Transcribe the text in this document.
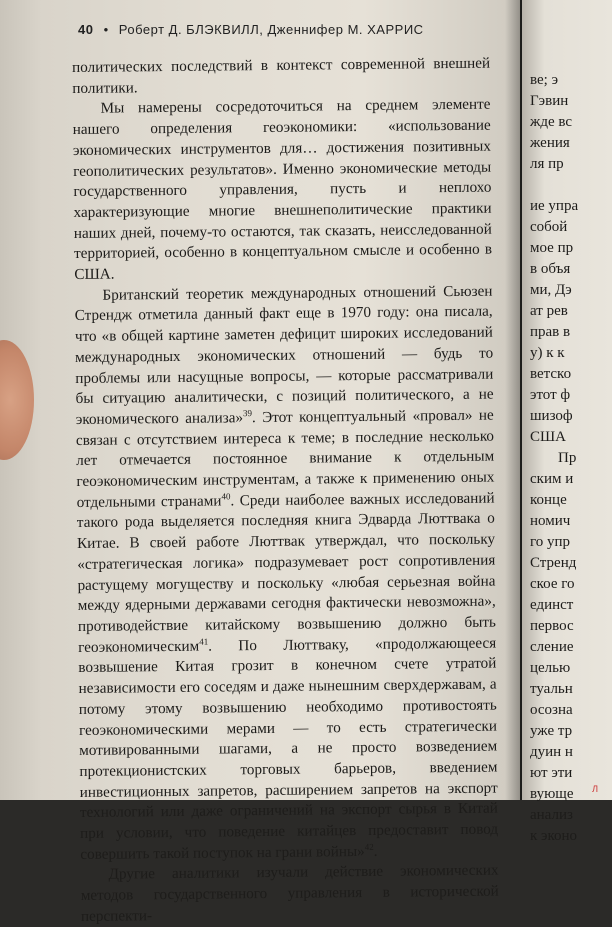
40 • Роберт Д. БЛЭКВИЛЛ, Дженнифер М. ХАРРИС

политических последствий в контекст современной внешней политики.

Мы намерены сосредоточиться на среднем элементе нашего определения геоэкономики: «использование экономических инструментов для… достижения позитивных геополитических результатов». Именно экономические методы государственного управления, пусть и неплохо характеризующие многие внешнеполитические практики наших дней, почему-то остаются, так сказать, неисследованной территорией, особенно в концептуальном смысле и особенно в США.

Британский теоретик международных отношений Сьюзен Стрендж отметила данный факт еще в 1970 году: она писала, что «в общей картине заметен дефицит широких исследований международных экономических отношений — будь то проблемы или насущные вопросы, — которые рассматривали бы ситуацию аналитически, с позиций политического, а не экономического анализа»$^{39}$. Этот концептуальный «провал» не связан с отсутствием интереса к теме; в последние несколько лет отмечается постоянное внимание к отдельным геоэкономическим инструментам, а также к применению оных отдельными странами$^{40}$. Среди наиболее важных исследований такого рода выделяется последняя книга Эдварда Люттвака о Китае. В своей работе Люттвак утверждал, что поскольку «стратегическая логика» подразумевает рост сопротивления растущему могуществу и поскольку «любая серьезная война между ядерными державами сегодня фактически невозможна», противодействие китайскому возвышению должно быть геоэкономическим$^{41}$. По Люттваку, «продолжающееся возвышение Китая грозит в конечном счете утратой независимости его соседям и даже нынешним сверхдержавам, а потому этому возвышению необходимо противостоять геоэкономическими мерами — то есть стратегически мотивированными шагами, а не просто возведением протекционистских торговых барьеров, введением инвестиционных запретов, расширением запретов на экспорт технологий или даже ограничений на экспорт сырья в Китай при условии, что поведение китайцев предоставит повод совершить такой поступок на грани войны»$^{42}$.

Другие аналитики изучали действие экономических методов государственного управления в исторической перспекти-

ве; э
Гэвин
жде вс
жения
ля пр

ие упра
собой
мое пр
в объя
ми, Дэ
ат рев
прав в
у) к к
ветско
этот ф
шизоф
США
Пр
ским и
конце
номич
го упр
Стренд
ское го
единст
первос
сление
целью
туальн
осозна
уже тр
дуин н
ют эти
вующе
анализ
к эконо
Л
